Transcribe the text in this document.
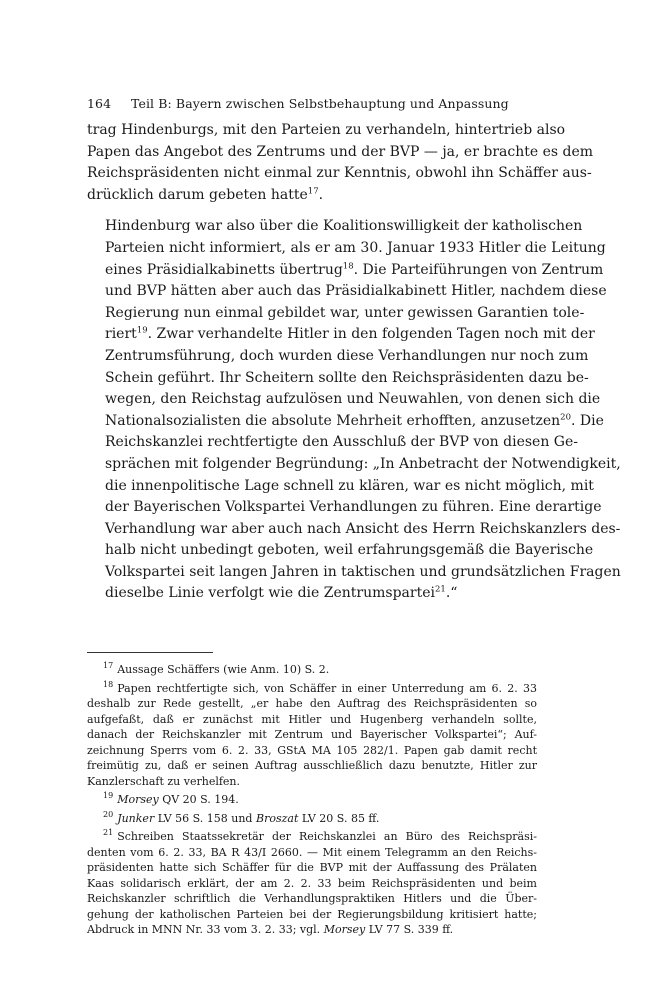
164 Teil B: Bayern zwischen Selbstbehauptung und Anpassung

trag Hindenburgs, mit den Parteien zu verhandeln, hintertrieb also
Papen das Angebot des Zentrums und der BVP — ja, er brachte es dem
Reichspräsidenten nicht einmal zur Kenntnis, obwohl ihn Schäffer aus-
drücklich darum gebeten hatte$^{17}$.

Hindenburg war also über die Koalitionswilligkeit der katholischen
Parteien nicht informiert, als er am 30. Januar 1933 Hitler die Leitung
eines Präsidialkabinetts übertrug$^{18}$. Die Parteiführungen von Zentrum
und BVP hätten aber auch das Präsidialkabinett Hitler, nachdem diese
Regierung nun einmal gebildet war, unter gewissen Garantien tole-
riert$^{19}$. Zwar verhandelte Hitler in den folgenden Tagen noch mit der
Zentrumsführung, doch wurden diese Verhandlungen nur noch zum
Schein geführt. Ihr Scheitern sollte den Reichspräsidenten dazu be-
wegen, den Reichstag aufzulösen und Neuwahlen, von denen sich die
Nationalsozialisten die absolute Mehrheit erhofften, anzusetzen$^{20}$. Die
Reichskanzlei rechtfertigte den Ausschluß der BVP von diesen Ge-
sprächen mit folgender Begründung: „In Anbetracht der Notwendigkeit,
die innenpolitische Lage schnell zu klären, war es nicht möglich, mit
der Bayerischen Volkspartei Verhandlungen zu führen. Eine derartige
Verhandlung war aber auch nach Ansicht des Herrn Reichskanzlers des-
halb nicht unbedingt geboten, weil erfahrungsgemäß die Bayerische
Volkspartei seit langen Jahren in taktischen und grundsätzlichen Fragen
dieselbe Linie verfolgt wie die Zentrumspartei$^{21}$.“

$^{17}$ Aussage Schäffers (wie Anm. 10) S. 2.
$^{18}$ Papen rechtfertigte sich, von Schäffer in einer Unterredung am 6. 2. 33
deshalb zur Rede gestellt, „er habe den Auftrag des Reichspräsidenten so
aufgefaßt, daß er zunächst mit Hitler und Hugenberg verhandeln sollte,
danach der Reichskanzler mit Zentrum und Bayerischer Volkspartei“; Auf-
zeichnung Sperrs vom 6. 2. 33, GStA MA 105 282/1. Papen gab damit recht
freimütig zu, daß er seinen Auftrag ausschließlich dazu benutzte, Hitler zur
Kanzlerschaft zu verhelfen.
$^{19}$ Morsey QV 20 S. 194.
$^{20}$ Junker LV 56 S. 158 und Broszat LV 20 S. 85 ff.
$^{21}$ Schreiben Staatssekretär der Reichskanzlei an Büro des Reichspräsi-
denten vom 6. 2. 33, BA R 43/I 2660. — Mit einem Telegramm an den Reichs-
präsidenten hatte sich Schäffer für die BVP mit der Auffassung des Prälaten
Kaas solidarisch erklärt, der am 2. 2. 33 beim Reichspräsidenten und beim
Reichskanzler schriftlich die Verhandlungspraktiken Hitlers und die Über-
gehung der katholischen Parteien bei der Regierungsbildung kritisiert hatte;
Abdruck in MNN Nr. 33 vom 3. 2. 33; vgl. Morsey LV 77 S. 339 ff.
